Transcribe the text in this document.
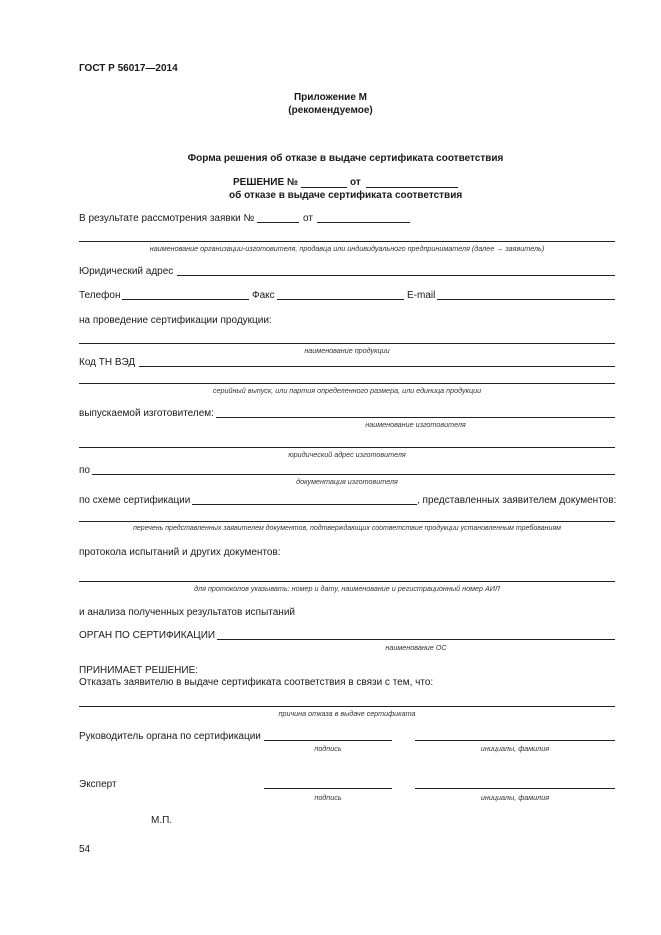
ГОСТ Р 56017—2014
Приложение М
(рекомендуемое)
Форма решения об отказе в выдаче сертификата соответствия
РЕШЕНИЕ №	от
об отказе в выдаче сертификата соответствия
В результате рассмотрения заявки №	от
наименование организации-изготовителя, продавца или индивидуального предпринимателя (далее → заявитель)
Юридический адрес
Телефон	Факс	E-mail
на проведение сертификации продукции:
наименование продукции
Код ТН ВЭД
серийный выпуск, или партия определенного размера, или единица продукции
выпускаемой изготовителем:
наименование изготовителя
юридический адрес изготовителя
по
документация изготовителя
по схеме сертификации	, представленных заявителем документов:
перечень представленных заявителем документов, подтверждающих соответствие продукции установленным требованиям
протокола испытаний и других документов:
для протоколов указывать: номер и дату, наименование и регистрационный номер АИЛ
и анализа полученных результатов испытаний
ОРГАН ПО СЕРТИФИКАЦИИ
наименование ОС
ПРИНИМАЕТ РЕШЕНИЕ:
Отказать заявителю в выдаче сертификата соответствия в связи с тем, что:
причина отказа в выдаче сертификата
Руководитель органа по сертификации
подпись	инициалы, фамилия
Эксперт
подпись	инициалы, фамилия
М.П.
54
